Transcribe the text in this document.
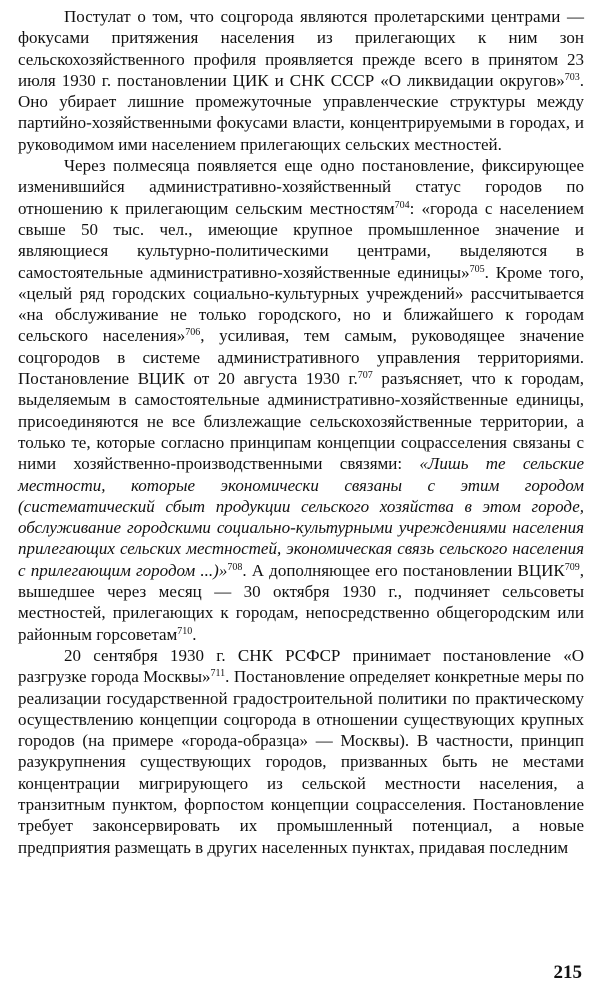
Постулат о том, что соцгорода являются пролетарскими центрами — фокусами притяжения населения из прилегающих к ним зон сельскохозяйственного профиля проявляется прежде всего в принятом 23 июля 1930 г. постановлении ЦИК и СНК СССР «О ликвидации округов»$^{703}$. Оно убирает лишние промежуточные управленческие структуры между партийно-хозяйственными фокусами власти, концентрируемыми в городах, и руководимом ими населением прилегающих сельских местностей.

Через полмесяца появляется еще одно постановление, фиксирующее изменившийся административно-хозяйственный статус городов по отношению к прилегающим сельским местностям$^{704}$: «города с населением свыше 50 тыс. чел., имеющие крупное промышленное значение и являющиеся культурно-политическими центрами, выделяются в самостоятельные административно-хозяйственные единицы»$^{705}$. Кроме того, «целый ряд городских социально-культурных учреждений» рассчитывается «на обслуживание не только городского, но и ближайшего к городам сельского населения»$^{706}$, усиливая, тем самым, руководящее значение соцгородов в системе административного управления территориями. Постановление ВЦИК от 20 августа 1930 г.$^{707}$ разъясняет, что к городам, выделяемым в самостоятельные административно-хозяйственные единицы, присоединяются не все близлежащие сельскохозяйственные территории, а только те, которые согласно принципам концепции соцрасселения связаны с ними хозяйственно-производственными связями: «Лишь те сельские местности, которые экономически связаны с этим городом (систематический сбыт продукции сельского хозяйства в этом городе, обслуживание городскими социально-культурными учреждениями населения прилегающих сельских местностей, экономическая связь сельского населения с прилегающим городом ...)»$^{708}$. А дополняющее его постановлении ВЦИК$^{709}$, вышедшее через месяц — 30 октября 1930 г., подчиняет сельсоветы местностей, прилегающих к городам, непосредственно общегородским или районным горсоветам$^{710}$.

20 сентября 1930 г. СНК РСФСР принимает постановление «О разгрузке города Москвы»$^{711}$. Постановление определяет конкретные меры по реализации государственной градостроительной политики по практическому осуществлению концепции соцгорода в отношении существующих крупных городов (на примере «города-образца» — Москвы). В частности, принцип разукрупнения существующих городов, призванных быть не местами концентрации мигрирующего из сельской местности населения, а транзитным пунктом, форпостом концепции соцрасселения. Постановление требует законсервировать их промышленный потенциал, а новые предприятия размещать в других населенных пунктах, придавая последним

215
